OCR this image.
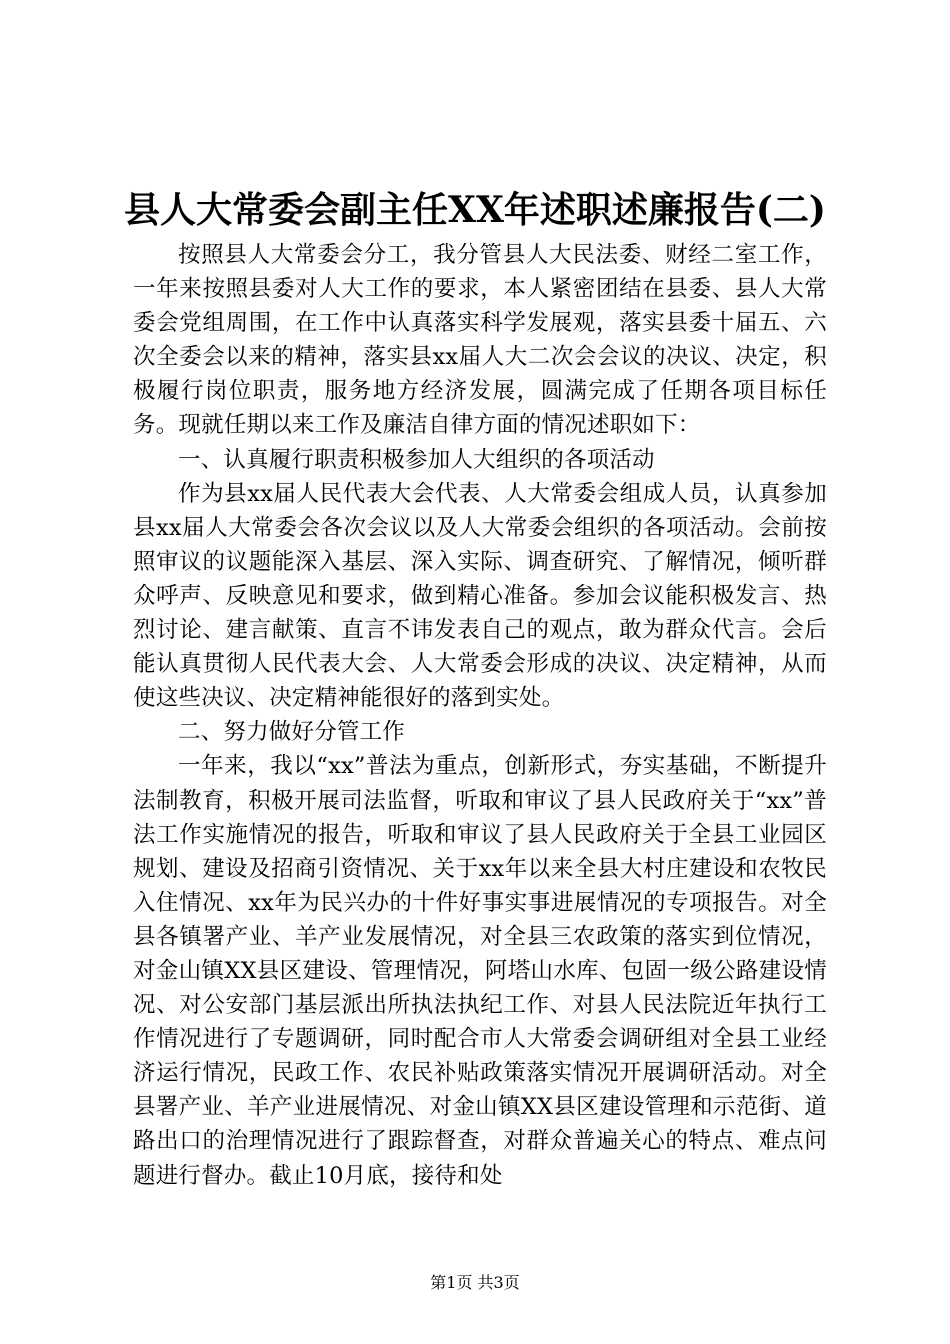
县人大常委会副主任XX年述职述廉报告(二)

按照县人大常委会分工，我分管县人大民法委、财经二室工作，一年来按照县委对人大工作的要求，本人紧密团结在县委、县人大常委会党组周围，在工作中认真落实科学发展观，落实县委十届五、六次全委会以来的精神，落实县xx届人大二次会会议的决议、决定，积极履行岗位职责，服务地方经济发展，圆满完成了任期各项目标任务。现就任期以来工作及廉洁自律方面的情况述职如下：

一、认真履行职责积极参加人大组织的各项活动

作为县xx届人民代表大会代表、人大常委会组成人员，认真参加县xx届人大常委会各次会议以及人大常委会组织的各项活动。会前按照审议的议题能深入基层、深入实际、调查研究、了解情况，倾听群众呼声、反映意见和要求，做到精心准备。参加会议能积极发言、热烈讨论、建言献策、直言不讳发表自己的观点，敢为群众代言。会后能认真贯彻人民代表大会、人大常委会形成的决议、决定精神，从而使这些决议、决定精神能很好的落到实处。

二、努力做好分管工作

一年来，我以“xx”普法为重点，创新形式，夯实基础，不断提升法制教育，积极开展司法监督，听取和审议了县人民政府关于“xx”普法工作实施情况的报告，听取和审议了县人民政府关于全县工业园区规划、建设及招商引资情况、关于xx年以来全县大村庄建设和农牧民入住情况、xx年为民兴办的十件好事实事进展情况的专项报告。对全县各镇署产业、羊产业发展情况，对全县三农政策的落实到位情况，对金山镇XX县区建设、管理情况，阿塔山水库、包固一级公路建设情况、对公安部门基层派出所执法执纪工作、对县人民法院近年执行工作情况进行了专题调研，同时配合市人大常委会调研组对全县工业经济运行情况，民政工作、农民补贴政策落实情况开展调研活动。对全县署产业、羊产业进展情况、对金山镇XX县区建设管理和示范街、道路出口的治理情况进行了跟踪督查，对群众普遍关心的特点、难点问题进行督办。截止10月底，接待和处

第1页 共3页
